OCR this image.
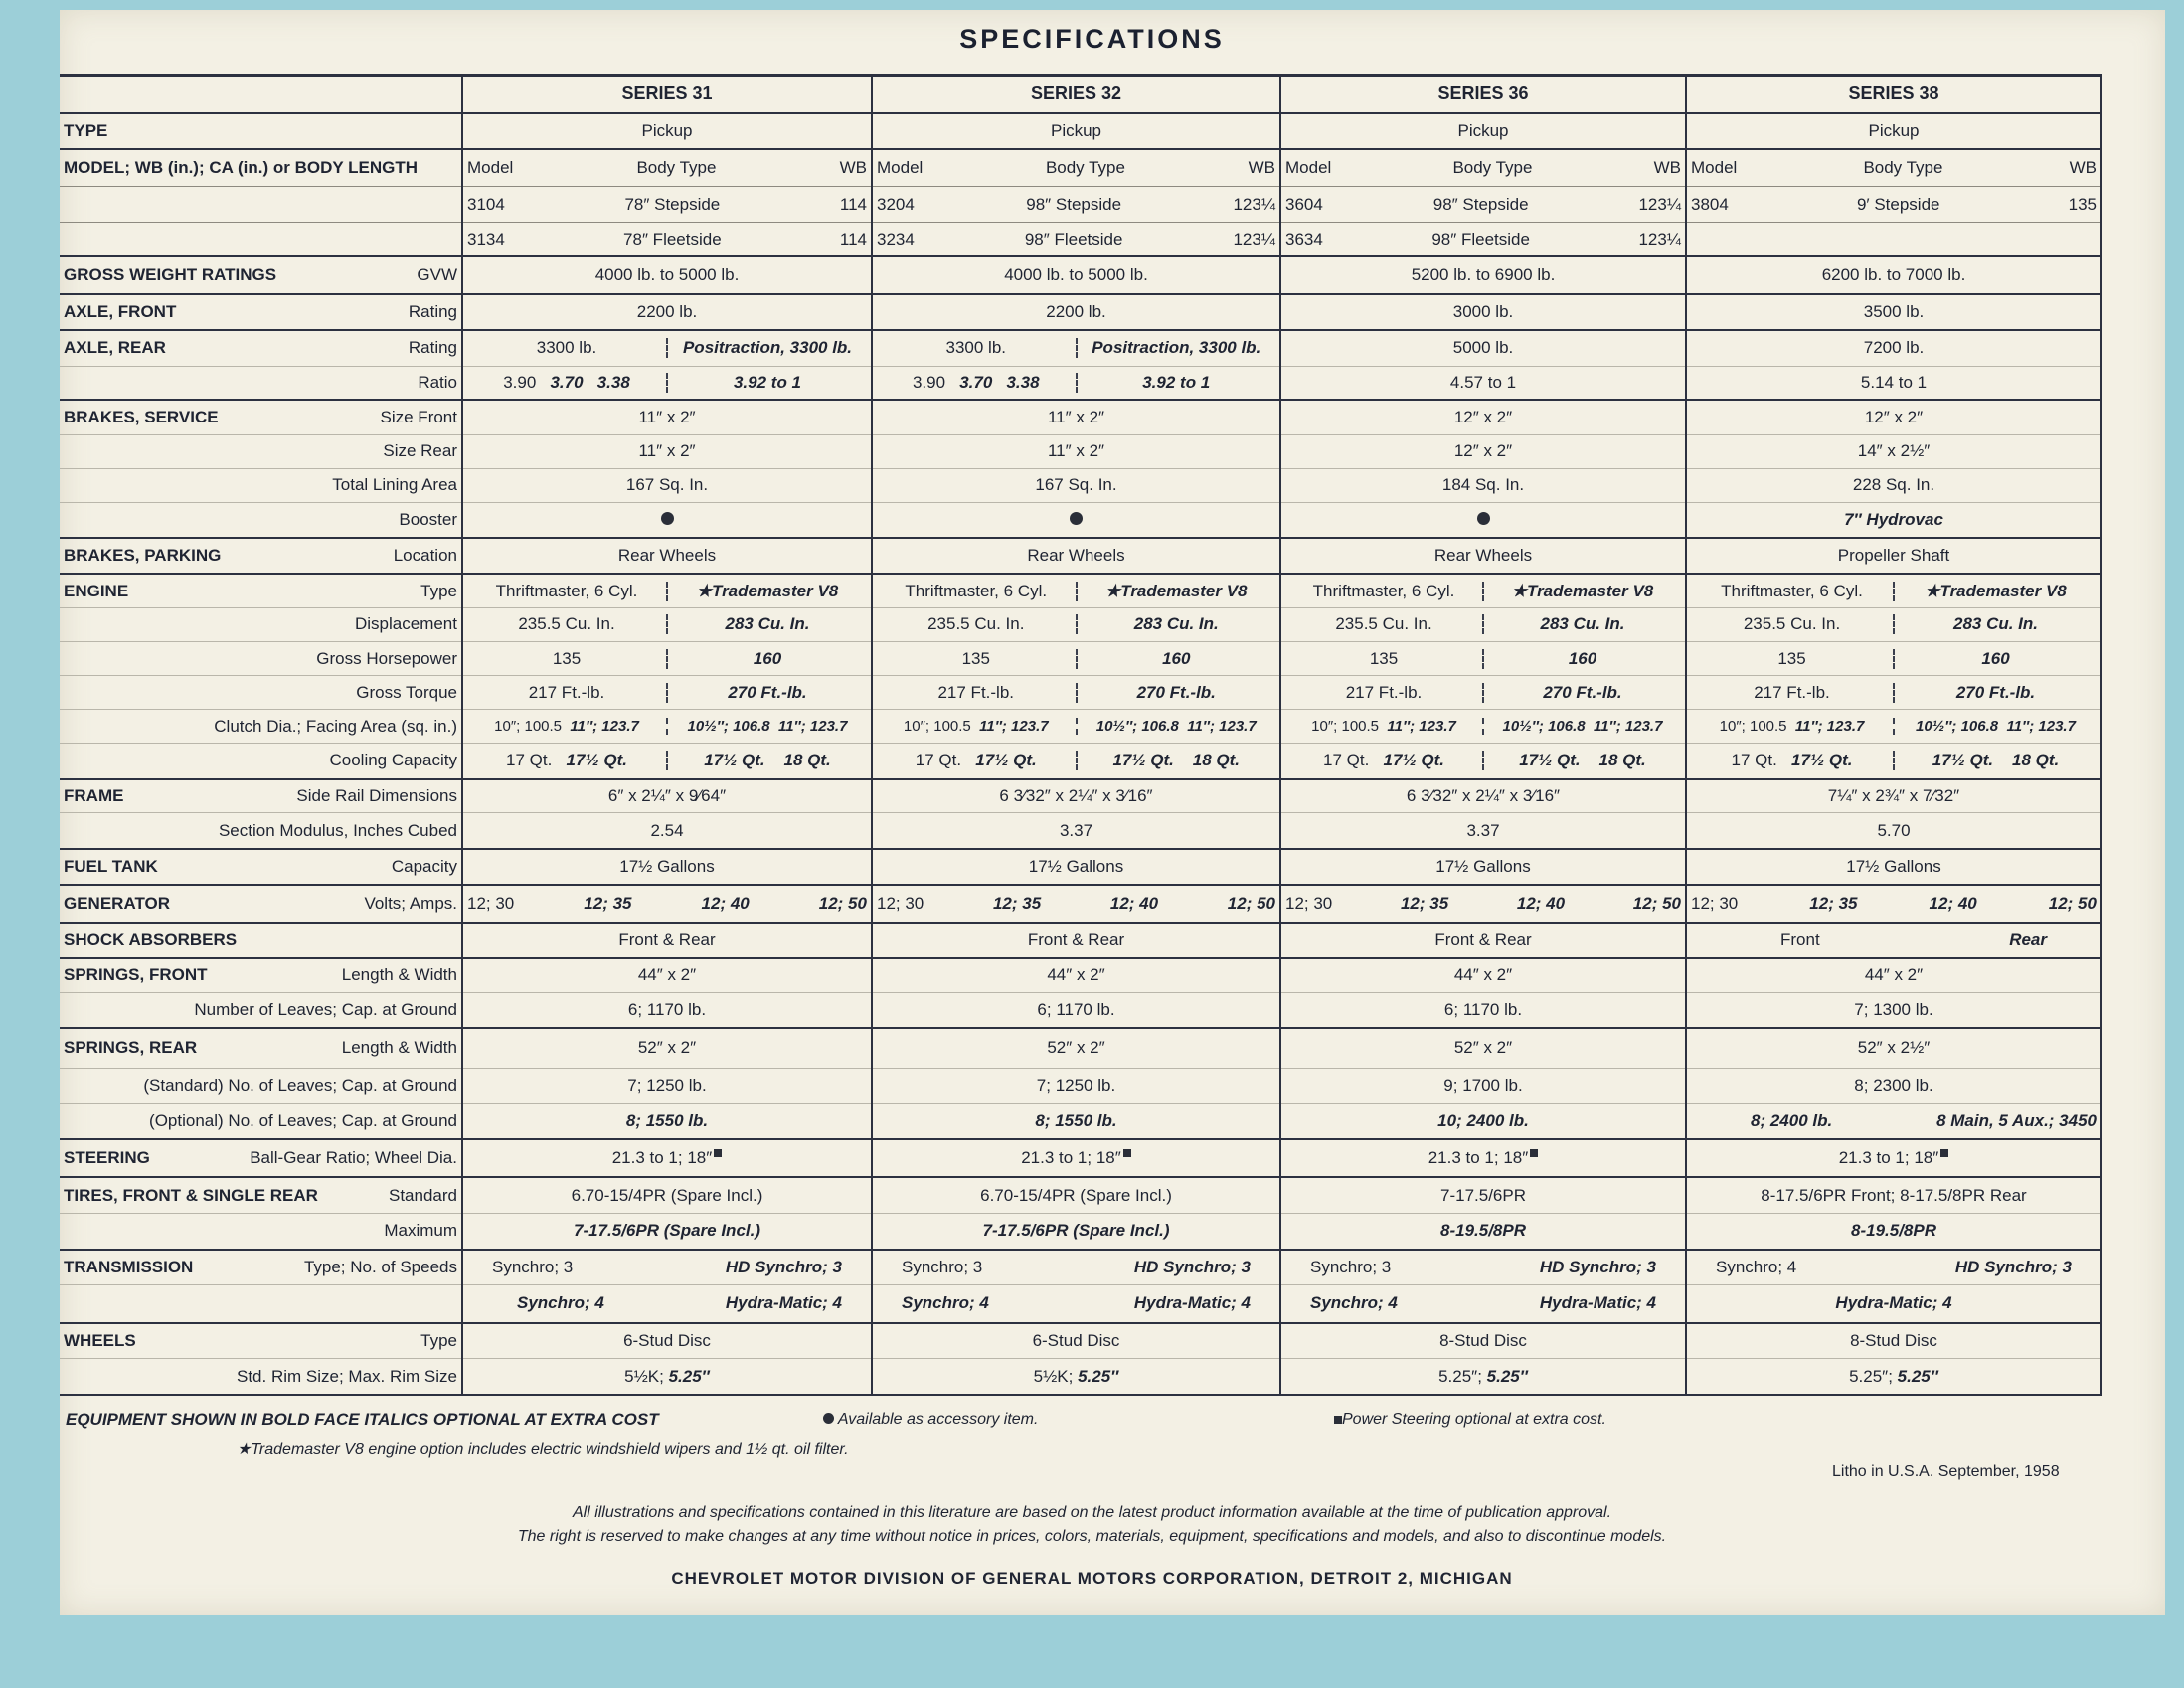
SPECIFICATIONS
	SERIES 31	SERIES 32	SERIES 36	SERIES 38

TYPE	Pickup	Pickup	Pickup	Pickup

MODEL; WB (in.); CA (in.) or BODY LENGTH	Model Body Type WB	Model Body Type WB	Model Body Type WB	Model Body Type WB

	3104 78″ Stepside 114	3204 98″ Stepside 123¼	3604 98″ Stepside 123¼	3804 9′ Stepside 135

	3134 78″ Fleetside 114	3234 98″ Fleetside 123¼	3634 98″ Fleetside 123¼	

GROSS WEIGHT RATINGS GVW	4000 lb. to 5000 lb.	4000 lb. to 5000 lb.	5200 lb. to 6900 lb.	6200 lb. to 7000 lb.

AXLE, FRONT Rating	2200 lb.	2200 lb.	3000 lb.	3500 lb.

AXLE, REAR Rating	3300 lb. Positraction, 3300 lb.	3300 lb. Positraction, 3300 lb.	5000 lb.	7200 lb.

Ratio	3.90 3.70 3.38 3.92 to 1	3.90 3.70 3.38 3.92 to 1	4.57 to 1	5.14 to 1

BRAKES, SERVICE Size Front	11″ x 2″	11″ x 2″	12″ x 2″	12″ x 2″

Size Rear	11″ x 2″	11″ x 2″	12″ x 2″	14″ x 2½″

Total Lining Area	167 Sq. In.	167 Sq. In.	184 Sq. In.	228 Sq. In.

Booster				7″ Hydrovac

BRAKES, PARKING Location	Rear Wheels	Rear Wheels	Rear Wheels	Propeller Shaft

ENGINE Type	Thriftmaster, 6 Cyl. ★Trademaster V8	Thriftmaster, 6 Cyl. ★Trademaster V8	Thriftmaster, 6 Cyl. ★Trademaster V8	Thriftmaster, 6 Cyl. ★Trademaster V8

Displacement	235.5 Cu. In. 283 Cu. In.	235.5 Cu. In. 283 Cu. In.	235.5 Cu. In. 283 Cu. In.	235.5 Cu. In. 283 Cu. In.

Gross Horsepower	135 160	135 160	135 160	135 160

Gross Torque	217 Ft.-lb. 270 Ft.-lb.	217 Ft.-lb. 270 Ft.-lb.	217 Ft.-lb. 270 Ft.-lb.	217 Ft.-lb. 270 Ft.-lb.

Clutch Dia.; Facing Area (sq. in.)	10″; 100.5 11″; 123.7 10½″; 106.8 11″; 123.7	10″; 100.5 11″; 123.7 10½″; 106.8 11″; 123.7	10″; 100.5 11″; 123.7 10½″; 106.8 11″; 123.7	10″; 100.5 11″; 123.7 10½″; 106.8 11″; 123.7

Cooling Capacity	17 Qt. 17½ Qt. 17½ Qt. 18 Qt.	17 Qt. 17½ Qt. 17½ Qt. 18 Qt.	17 Qt. 17½ Qt. 17½ Qt. 18 Qt.	17 Qt. 17½ Qt. 17½ Qt. 18 Qt.

FRAME Side Rail Dimensions	6″ x 2¼″ x 9⁄64″	6 3⁄32″ x 2¼″ x 3⁄16″	6 3⁄32″ x 2¼″ x 3⁄16″	7¼″ x 2¾″ x 7⁄32″

Section Modulus, Inches Cubed	2.54	3.37	3.37	5.70

FUEL TANK Capacity	17½ Gallons	17½ Gallons	17½ Gallons	17½ Gallons

GENERATOR Volts; Amps.	12; 30 12; 35 12; 40 12; 50	12; 30 12; 35 12; 40 12; 50	12; 30 12; 35 12; 40 12; 50	12; 30 12; 35 12; 40 12; 50

SHOCK ABSORBERS	Front & Rear	Front & Rear	Front & Rear	Front Rear

SPRINGS, FRONT Length & Width	44″ x 2″	44″ x 2″	44″ x 2″	44″ x 2″

Number of Leaves; Cap. at Ground	6; 1170 lb.	6; 1170 lb.	6; 1170 lb.	7; 1300 lb.

SPRINGS, REAR Length & Width	52″ x 2″	52″ x 2″	52″ x 2″	52″ x 2½″

(Standard) No. of Leaves; Cap. at Ground	7; 1250 lb.	7; 1250 lb.	9; 1700 lb.	8; 2300 lb.

(Optional) No. of Leaves; Cap. at Ground	8; 1550 lb.	8; 1550 lb.	10; 2400 lb.	8; 2400 lb. 8 Main, 5 Aux.; 3450

STEERING Ball-Gear Ratio; Wheel Dia.	21.3 to 1; 18″	21.3 to 1; 18″	21.3 to 1; 18″	21.3 to 1; 18″

TIRES, FRONT & SINGLE REAR Standard	6.70-15/4PR (Spare Incl.)	6.70-15/4PR (Spare Incl.)	7-17.5/6PR	8-17.5/6PR Front; 8-17.5/8PR Rear

Maximum	7-17.5/6PR (Spare Incl.)	7-17.5/6PR (Spare Incl.)	8-19.5/8PR	8-19.5/8PR

TRANSMISSION Type; No. of Speeds	Synchro; 3 HD Synchro; 3	Synchro; 3 HD Synchro; 3	Synchro; 3 HD Synchro; 3	Synchro; 4 HD Synchro; 3

	Synchro; 4 Hydra-Matic; 4	Synchro; 4 Hydra-Matic; 4	Synchro; 4 Hydra-Matic; 4	Hydra-Matic; 4

WHEELS Type	6-Stud Disc	6-Stud Disc	8-Stud Disc	8-Stud Disc

Std. Rim Size; Max. Rim Size	5½K; 5.25″	5½K; 5.25″	5.25″; 5.25″	5.25″; 5.25″
EQUIPMENT SHOWN IN BOLD FACE ITALICS OPTIONAL AT EXTRA COST	Available as accessory item.	Power Steering optional at extra cost.
★Trademaster V8 engine option includes electric windshield wipers and 1½ qt. oil filter.
Litho in U.S.A. September, 1958
All illustrations and specifications contained in this literature are based on the latest product information available at the time of publication approval.
The right is reserved to make changes at any time without notice in prices, colors, materials, equipment, specifications and models, and also to discontinue models.
CHEVROLET MOTOR DIVISION OF GENERAL MOTORS CORPORATION, DETROIT 2, MICHIGAN
